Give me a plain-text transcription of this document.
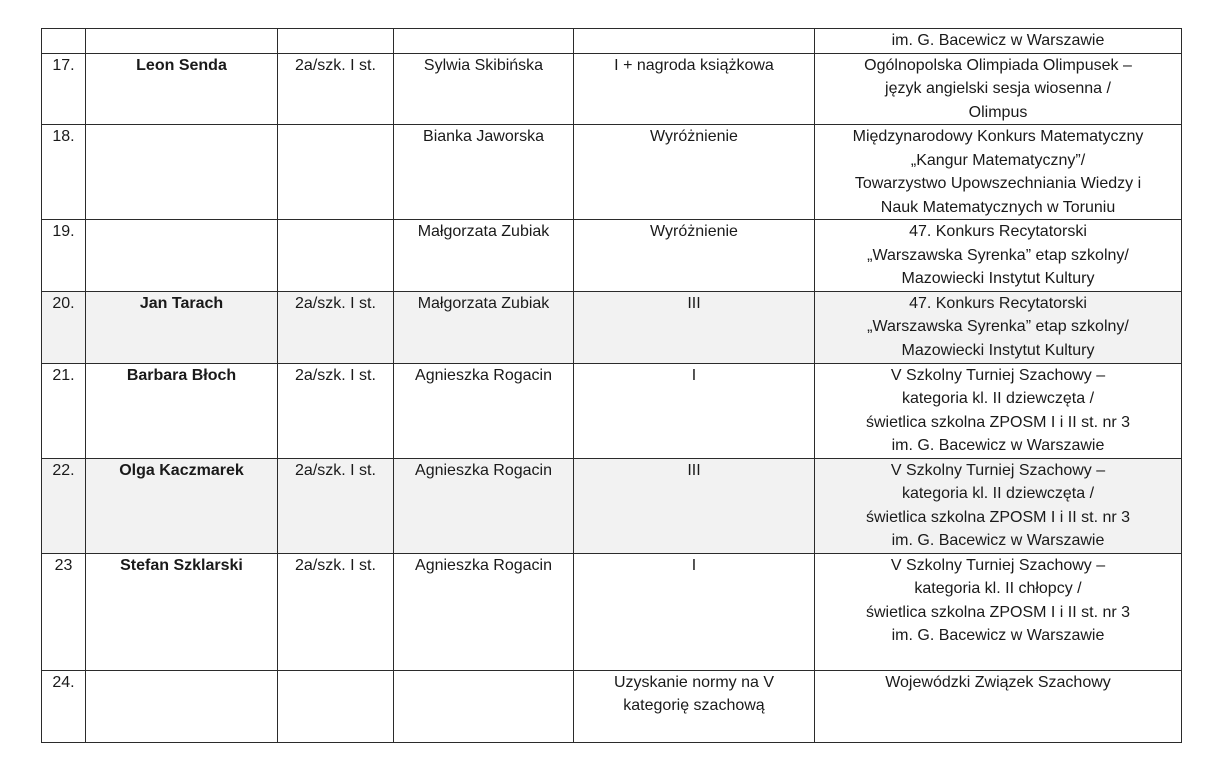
					im. G. Bacewicz w Warszawie

17.	Leon Senda	2a/szk. I st.	Sylwia Skibińska	I + nagroda książkowa	Ogólnopolska Olimpiada Olimpusek –
język angielski sesja wiosenna /
Olimpus

18.			Bianka Jaworska	Wyróżnienie	Międzynarodowy Konkurs Matematyczny
„Kangur Matematyczny”/
Towarzystwo Upowszechniania Wiedzy i
Nauk Matematycznych w Toruniu

19.			Małgorzata Zubiak	Wyróżnienie	47. Konkurs Recytatorski
„Warszawska Syrenka” etap szkolny/
Mazowiecki Instytut Kultury

20.	Jan Tarach	2a/szk. I st.	Małgorzata Zubiak	III	47. Konkurs Recytatorski
„Warszawska Syrenka” etap szkolny/
Mazowiecki Instytut Kultury

21.	Barbara Błoch	2a/szk. I st.	Agnieszka Rogacin	I	V Szkolny Turniej Szachowy –
kategoria kl. II dziewczęta /
świetlica szkolna ZPOSM I i II st. nr 3
im. G. Bacewicz w Warszawie

22.	Olga Kaczmarek	2a/szk. I st.	Agnieszka Rogacin	III	V Szkolny Turniej Szachowy –
kategoria kl. II dziewczęta /
świetlica szkolna ZPOSM I i II st. nr 3
im. G. Bacewicz w Warszawie

23	Stefan Szklarski	2a/szk. I st.	Agnieszka Rogacin	I	V Szkolny Turniej Szachowy –
kategoria kl. II chłopcy /
świetlica szkolna ZPOSM I i II st. nr 3
im. G. Bacewicz w Warszawie

24.				Uzyskanie normy na V
kategorię szachową	Wojewódzki Związek Szachowy
